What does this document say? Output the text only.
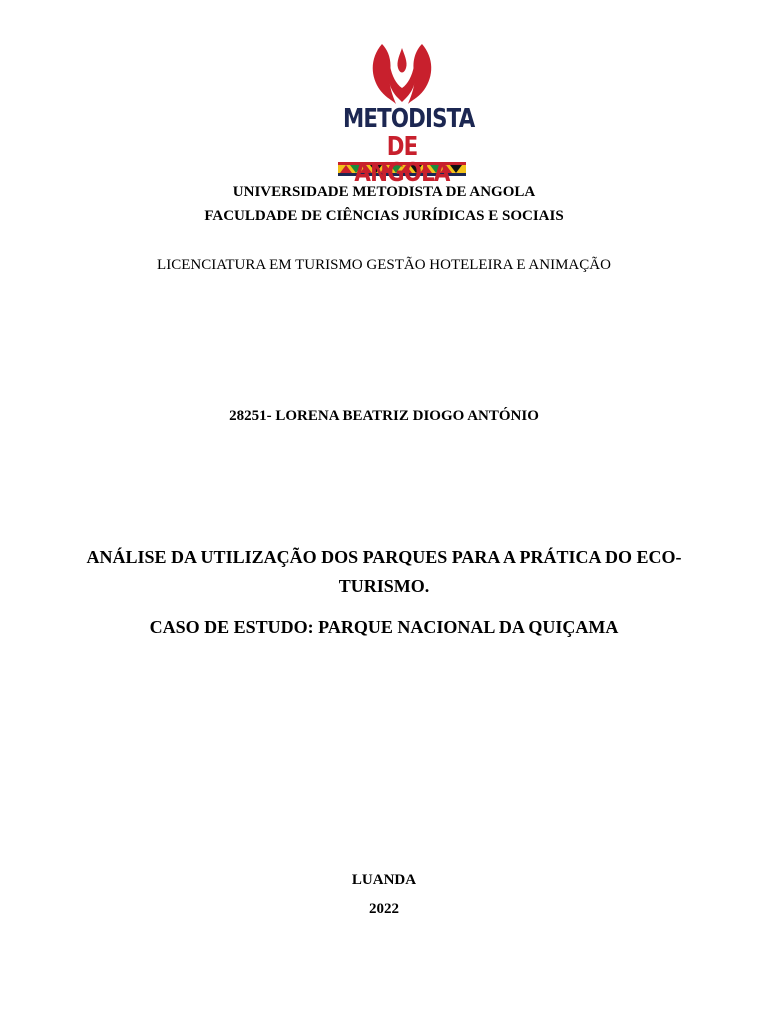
METODISTA
DE ANGOLA
UNIVERSIDADE METODISTA DE ANGOLA
FACULDADE DE CIÊNCIAS JURÍDICAS E SOCIAIS
LICENCIATURA EM TURISMO GESTÃO HOTELEIRA E ANIMAÇÃO
28251- LORENA BEATRIZ DIOGO ANTÓNIO
ANÁLISE DA UTILIZAÇÃO DOS PARQUES PARA A PRÁTICA DO ECO-
TURISMO.
CASO DE ESTUDO: PARQUE NACIONAL DA QUIÇAMA
LUANDA
2022
